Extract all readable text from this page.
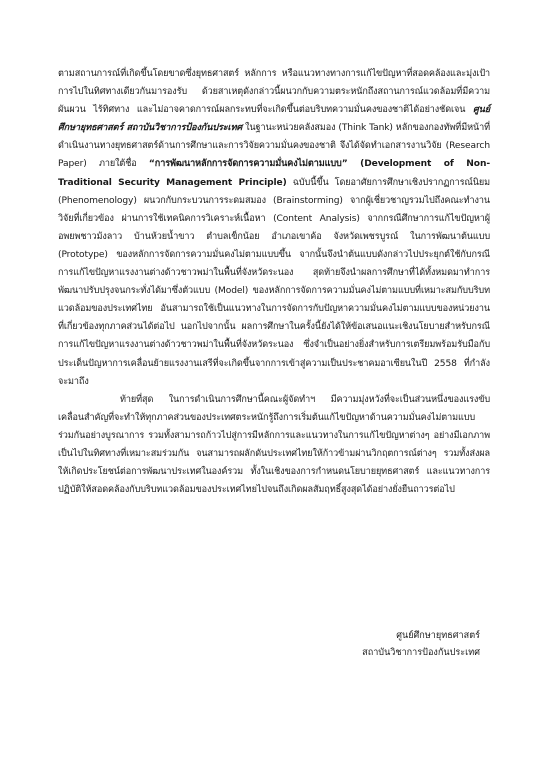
ตามสถานการณ์ที่เกิดขึ้นโดยขาดซึ่งยุทธศาสตร์ หลักการ หรือแนวทางทางการแก้ไขปัญหาที่สอดคล้องและมุ่งเป้าการไปในทิศทางเดียวกันมารองรับ ด้วยสาเหตุดังกล่าวนี้ผนวกกับความตระหนักถึงสถานการณ์แวดล้อมที่มีความผันผวน ไร้ทิศทาง และไม่อาจคาดการณ์ผลกระทบที่จะเกิดขึ้นต่อบริบทความมั่นคงของชาติได้อย่างชัดเจน ศูนย์ศึกษายุทธศาสตร์ สถาบันวิชาการป้องกันประเทศ ในฐานะหน่วยคลังสมอง (Think Tank) หลักของกองทัพที่มีหน้าที่ดำเนินงานทางยุทธศาสตร์ด้านการศึกษาและการวิจัยความมั่นคงของชาติ จึงได้จัดทำเอกสารงานวิจัย (Research Paper) ภายใต้ชื่อ “การพัฒนาหลักการจัดการความมั่นคงไม่ตามแบบ” (Development of Non-Traditional Security Management Principle) ฉบับนี้ขึ้น โดยอาศัยการศึกษาเชิงปรากฏการณ์นิยม (Phenomenology) ผนวกกับกระบวนการระดมสมอง (Brainstorming) จากผู้เชี่ยวชาญรวมไปถึงคณะทำงานวิจัยที่เกี่ยวข้อง ผ่านการใช้เทคนิคการวิเคราะห์เนื้อหา (Content Analysis) จากกรณีศึกษาการแก้ไขปัญหาผู้อพยพชาวม้งลาว บ้านห้วยน้ำขาว ตำบลเข็กน้อย อำเภอเขาค้อ จังหวัดเพชรบูรณ์ ในการพัฒนาต้นแบบ (Prototype) ของหลักการจัดการความมั่นคงไม่ตามแบบขึ้น จากนั้นจึงนำต้นแบบดังกล่าวไปประยุกต์ใช้กับกรณีการแก้ไขปัญหาแรงงานต่างด้าวชาวพม่าในพื้นที่จังหวัดระนอง สุดท้ายจึงนำผลการศึกษาที่ได้ทั้งหมดมาทำการพัฒนาปรับปรุงจนกระทั่งได้มาซึ่งตัวแบบ (Model) ของหลักการจัดการความมั่นคงไม่ตามแบบที่เหมาะสมกับบริบทแวดล้อมของประเทศไทย อันสามารถใช้เป็นแนวทางในการจัดการกับปัญหาความมั่นคงไม่ตามแบบของหน่วยงานที่เกี่ยวข้องทุกภาคส่วนได้ต่อไป นอกไปจากนั้น ผลการศึกษาในครั้งนี้ยังได้ให้ข้อเสนอแนะเชิงนโยบายสำหรับกรณีการแก้ไขปัญหาแรงงานต่างด้าวชาวพม่าในพื้นที่จังหวัดระนอง ซึ่งจำเป็นอย่างยิ่งสำหรับการเตรียมพร้อมรับมือกับประเด็นปัญหาการเคลื่อนย้ายแรงงานเสรีที่จะเกิดขึ้นจากการเข้าสู่ความเป็นประชาคมอาเซียนในปี 2558 ที่กำลังจะมาถึง

ท้ายที่สุด ในการดำเนินการศึกษานี้คณะผู้จัดทำฯ มีความมุ่งหวังที่จะเป็นส่วนหนึ่งของแรงขับเคลื่อนสำคัญที่จะทำให้ทุกภาคส่วนของประเทศตระหนักรู้ถึงการเริ่มต้นแก้ไขปัญหาด้านความมั่นคงไม่ตามแบบร่วมกันอย่างบูรณาการ รวมทั้งสามารถก้าวไปสู่การมีหลักการและแนวทางในการแก้ไขปัญหาต่างๆ อย่างมีเอกภาพ เป็นไปในทิศทางที่เหมาะสมร่วมกัน จนสามารถผลักดันประเทศไทยให้ก้าวข้ามผ่านวิกฤตการณ์ต่างๆ รวมทั้งส่งผลให้เกิดประโยชน์ต่อการพัฒนาประเทศในองค์รวม ทั้งในเชิงของการกำหนดนโยบายยุทธศาสตร์ และแนวทางการปฏิบัติให้สอดคล้องกับบริบทแวดล้อมของประเทศไทยไปจนถึงเกิดผลสัมฤทธิ์สูงสุดได้อย่างยั่งยืนถาวรต่อไป

ศูนย์ศึกษายุทธศาสตร์
สถาบันวิชาการป้องกันประเทศ
